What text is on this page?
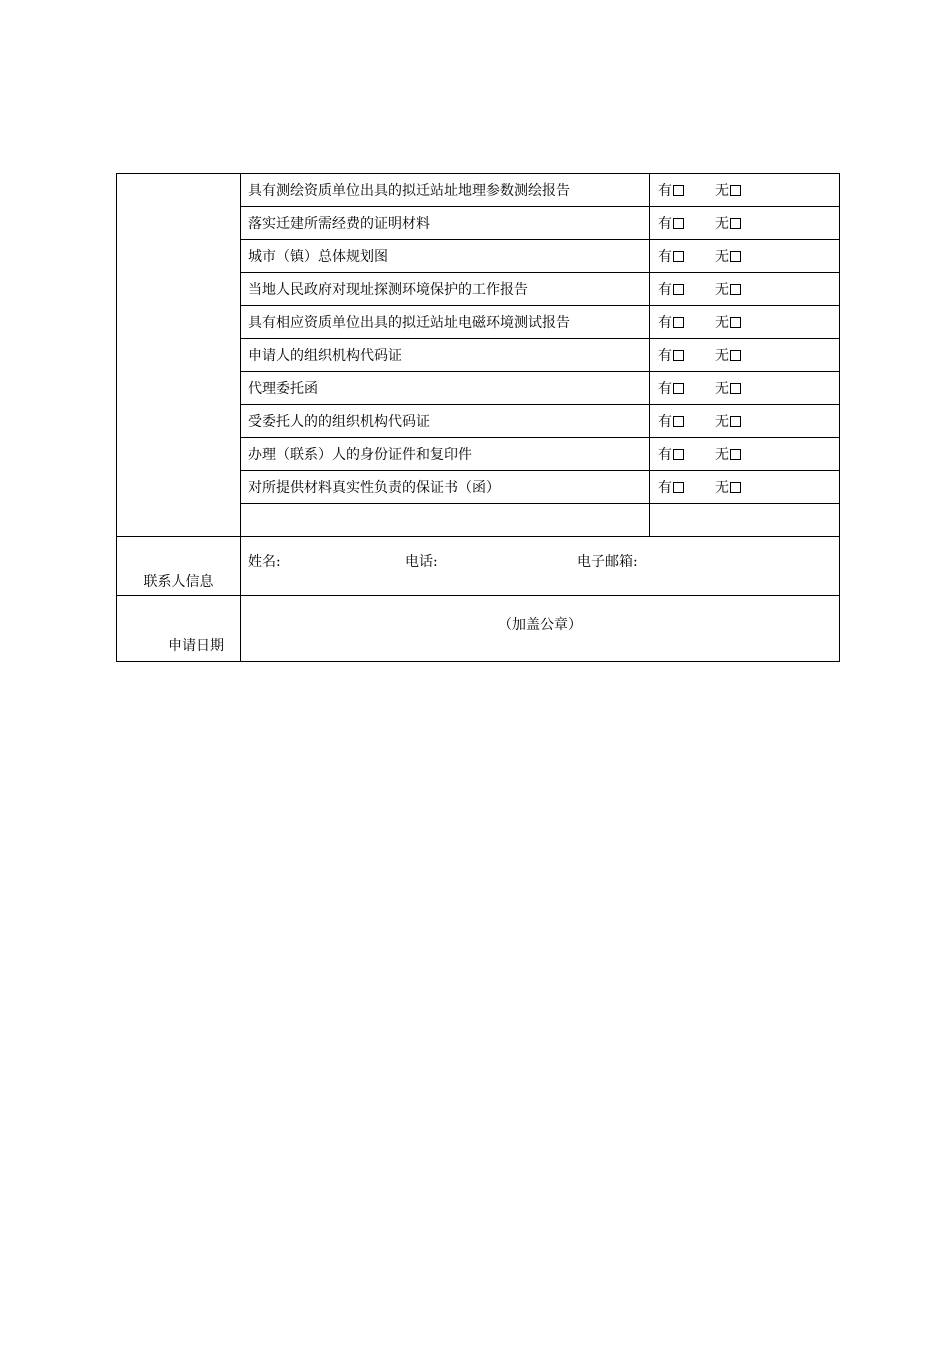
	具有测绘资质单位出具的拟迁站址地理参数测绘报告	有 无
	落实迁建所需经费的证明材料	有 无
	城市（镇）总体规划图	有 无
	当地人民政府对现址探测环境保护的工作报告	有 无
	具有相应资质单位出具的拟迁站址电磁环境测试报告	有 无
	申请人的组织机构代码证	有 无
	代理委托函	有 无
	受委托人的的组织机构代码证	有 无
	办理（联系）人的身份证件和复印件	有 无
	对所提供材料真实性负责的保证书（函）	有 无

联系人信息	姓名: 电话: 电子邮箱:	
申请日期	（加盖公章）	
